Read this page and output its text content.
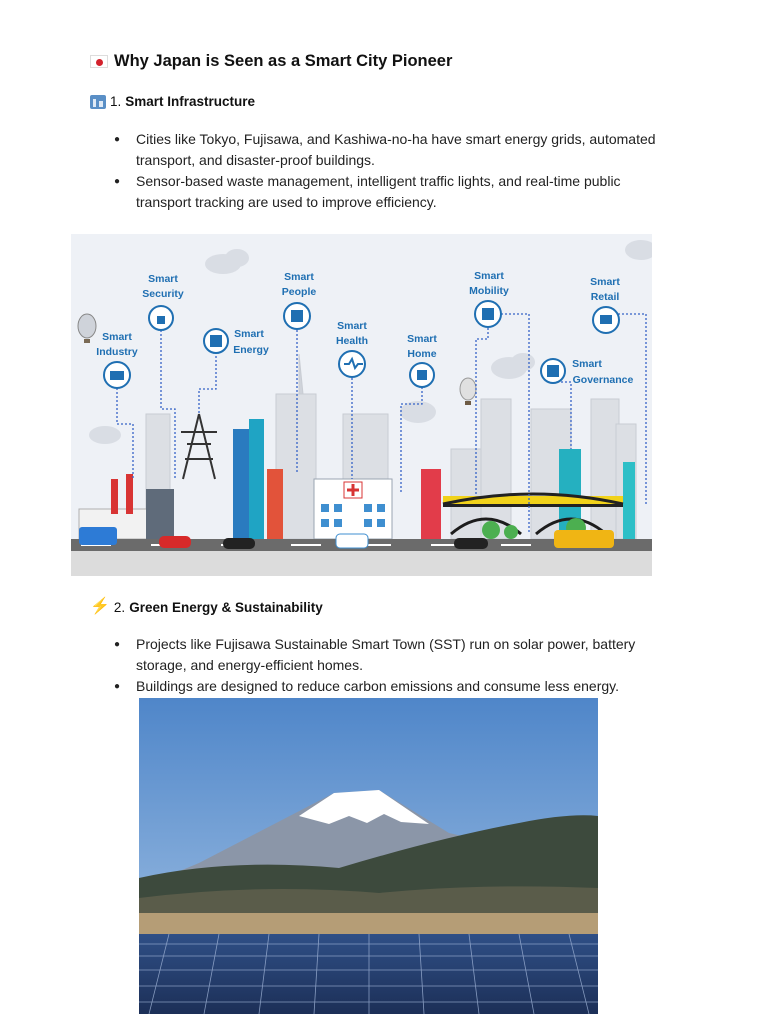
Why Japan is Seen as a Smart City Pioneer
1. Smart Infrastructure
● Cities like Tokyo, Fujisawa, and Kashiwa-no-ha have smart energy grids, automated
transport, and disaster-proof buildings.
● Sensor-based waste management, intelligent traffic lights, and real-time public
transport tracking are used to improve efficiency.
Smart
Industry
Smart
Security
Smart
Energy
Smart
People
Smart
Health	Smart
Home
Smart
Mobility
Smart
Retail
Smart
Governance
⚡ 2. Green Energy & Sustainability
● Projects like Fujisawa Sustainable Smart Town (SST) run on solar power, battery
storage, and energy-efficient homes.
● Buildings are designed to reduce carbon emissions and consume less energy.
